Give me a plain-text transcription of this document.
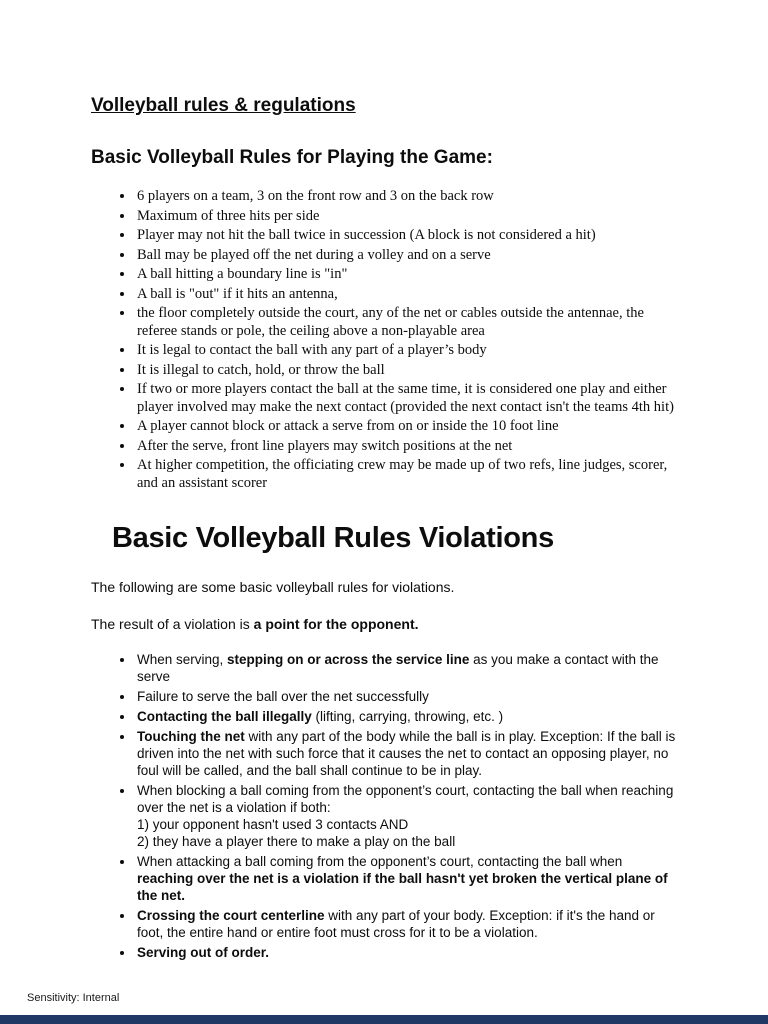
Volleyball rules & regulations
Basic Volleyball Rules for Playing the Game:
• 6 players on a team, 3 on the front row and 3 on the back row
• Maximum of three hits per side
• Player may not hit the ball twice in succession (A block is not considered a hit)
• Ball may be played off the net during a volley and on a serve
• A ball hitting a boundary line is "in"
• A ball is "out" if it hits an antenna,
• the floor completely outside the court, any of the net or cables outside the antennae, the referee stands or pole, the ceiling above a non-playable area
• It is legal to contact the ball with any part of a player’s body
• It is illegal to catch, hold, or throw the ball
• If two or more players contact the ball at the same time, it is considered one play and either player involved may make the next contact (provided the next contact isn't the teams 4th hit)
• A player cannot block or attack a serve from on or inside the 10 foot line
• After the serve, front line players may switch positions at the net
• At higher competition, the officiating crew may be made up of two refs, line judges, scorer, and an assistant scorer
Basic Volleyball Rules Violations

The following are some basic volleyball rules for violations.

The result of a violation is a point for the opponent.

• When serving, stepping on or across the service line as you make a contact with the serve
• Failure to serve the ball over the net successfully
• Contacting the ball illegally (lifting, carrying, throwing, etc. )
• Touching the net with any part of the body while the ball is in play. Exception: If the ball is driven into the net with such force that it causes the net to contact an opposing player, no foul will be called, and the ball shall continue to be in play.
• When blocking a ball coming from the opponent’s court, contacting the ball when reaching over the net is a violation if both:
1) your opponent hasn't used 3 contacts AND
2) they have a player there to make a play on the ball
• When attacking a ball coming from the opponent’s court, contacting the ball when reaching over the net is a violation if the ball hasn't yet broken the vertical plane of the net.
• Crossing the court centerline with any part of your body. Exception: if it's the hand or foot, the entire hand or entire foot must cross for it to be a violation.
• Serving out of order.
Sensitivity: Internal
